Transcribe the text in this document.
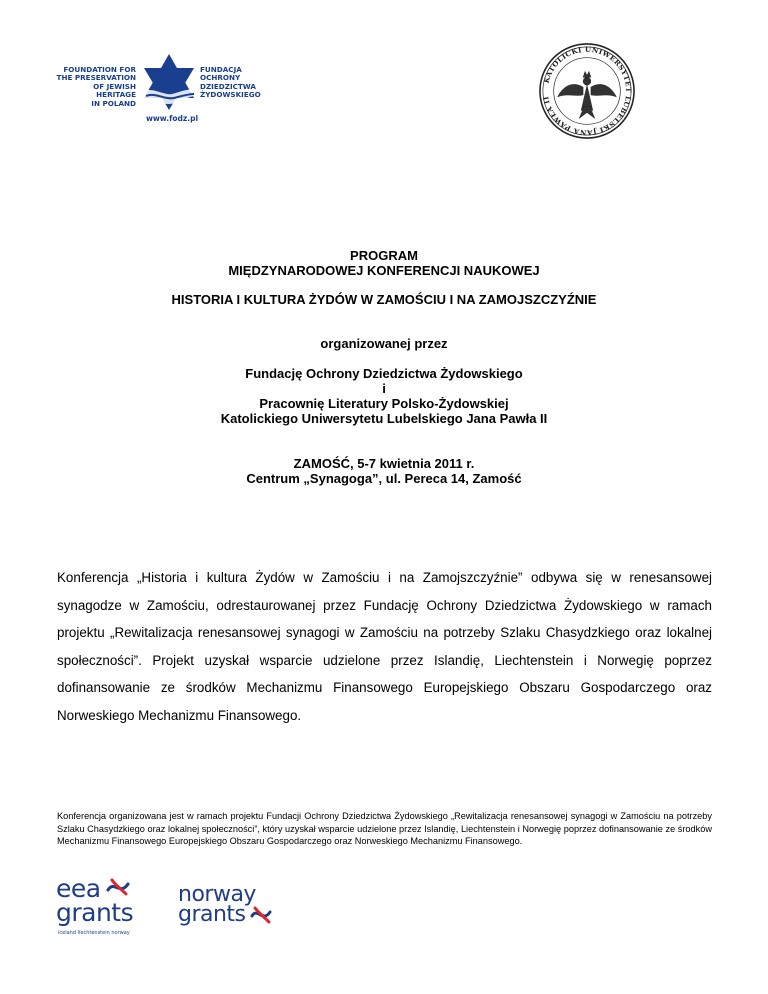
FOUNDATION FOR
THE PRESERVATION
OF JEWISH HERITAGE
IN POLAND
FUNDACJA
OCHRONY
DZIEDZICTWA
ŻYDOWSKIEGO
www.fodz.pl
KATOLICKI UNIWERSYTET LUBELSKI JANA PAWŁA II
PROGRAM
MIĘDZYNARODOWEJ KONFERENCJI NAUKOWEJ
HISTORIA I KULTURA ŻYDÓW W ZAMOŚCIU I NA ZAMOJSZCZYŹNIE
organizowanej przez
Fundację Ochrony Dziedzictwa Żydowskiego
i
Pracownię Literatury Polsko-Żydowskiej
Katolickiego Uniwersytetu Lubelskiego Jana Pawła II
ZAMOŚĆ, 5-7 kwietnia 2011 r.
Centrum „Synagoga”, ul. Pereca 14, Zamość
Konferencja „Historia i kultura Żydów w Zamościu i na Zamojszczyźnie” odbywa się w renesansowej synagodze w Zamościu, odrestaurowanej przez Fundację Ochrony Dziedzictwa Żydowskiego w ramach projektu „Rewitalizacja renesansowej synagogi w Zamościu na potrzeby Szlaku Chasydzkiego oraz lokalnej społeczności”. Projekt uzyskał wsparcie udzielone przez Islandię, Liechtenstein i Norwegię poprzez dofinansowanie ze środków Mechanizmu Finansowego Europejskiego Obszaru Gospodarczego oraz Norweskiego Mechanizmu Finansowego.
Konferencja organizowana jest w ramach projektu Fundacji Ochrony Dziedzictwa Żydowskiego „Rewitalizacja renesansowej synagogi w Zamościu na potrzeby Szlaku Chasydzkiego oraz lokalnej społeczności”, który uzyskał wsparcie udzielone przez Islandię, Liechtenstein i Norwegię poprzez dofinansowanie ze środków Mechanizmu Finansowego Europejskiego Obszaru Gospodarczego oraz Norweskiego Mechanizmu Finansowego.
eea
grants
iceland liechtenstein norway
norway
grants
